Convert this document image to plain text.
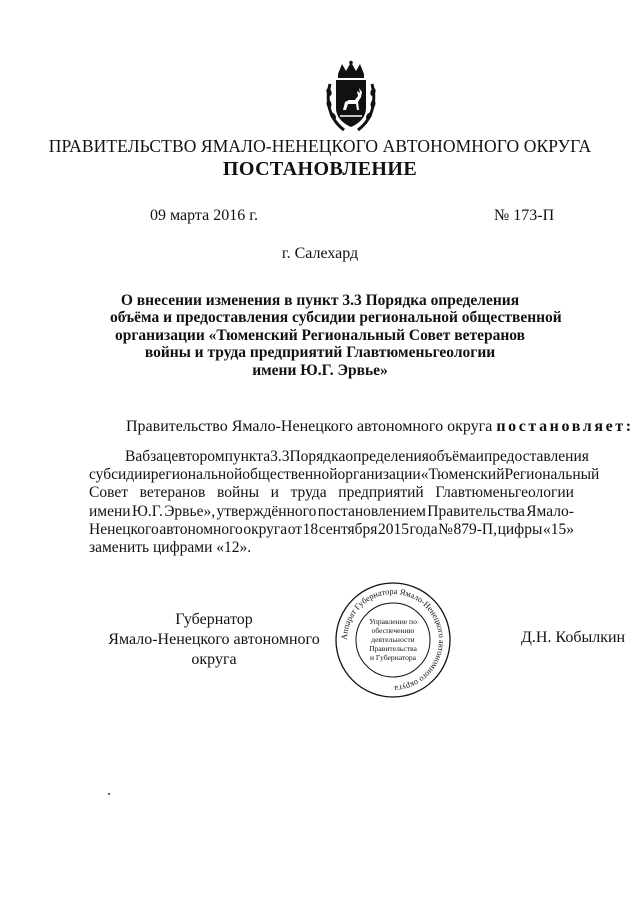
ПРАВИТЕЛЬСТВО ЯМАЛО-НЕНЕЦКОГО АВТОНОМНОГО ОКРУГА
ПОСТАНОВЛЕНИЕ
09 марта 2016 г.	№ 173-П
г. Салехард
О внесении изменения в пункт 3.3 Порядка определения
объёма и предоставления субсидии региональной общественной
организации «Тюменский Региональный Совет ветеранов
войны и труда предприятий Главтюменьгеологии
имени Ю.Г. Эрвье»
Правительство Ямало-Ненецкого автономного округа постановляет:
В абзаце втором пункта 3.3 Порядка определения объёма и предоставления
субсидии региональной общественной организации «Тюменский Региональный
Совет ветеранов войны и труда предприятий Главтюменьгеологии
имени Ю.Г. Эрвье», утверждённого постановлением Правительства Ямало-
Ненецкого автономного округа от 18 сентября 2015 года № 879-П, цифры «15»
заменить цифрами «12».
Губернатор
Ямало-Ненецкого автономного округа
Д.Н. Кобылкин
Аппарат Губернатора Ямало-Ненецкого автономного округа
Управление по
обеспечению
деятельности
Правительства
и Губернатора
